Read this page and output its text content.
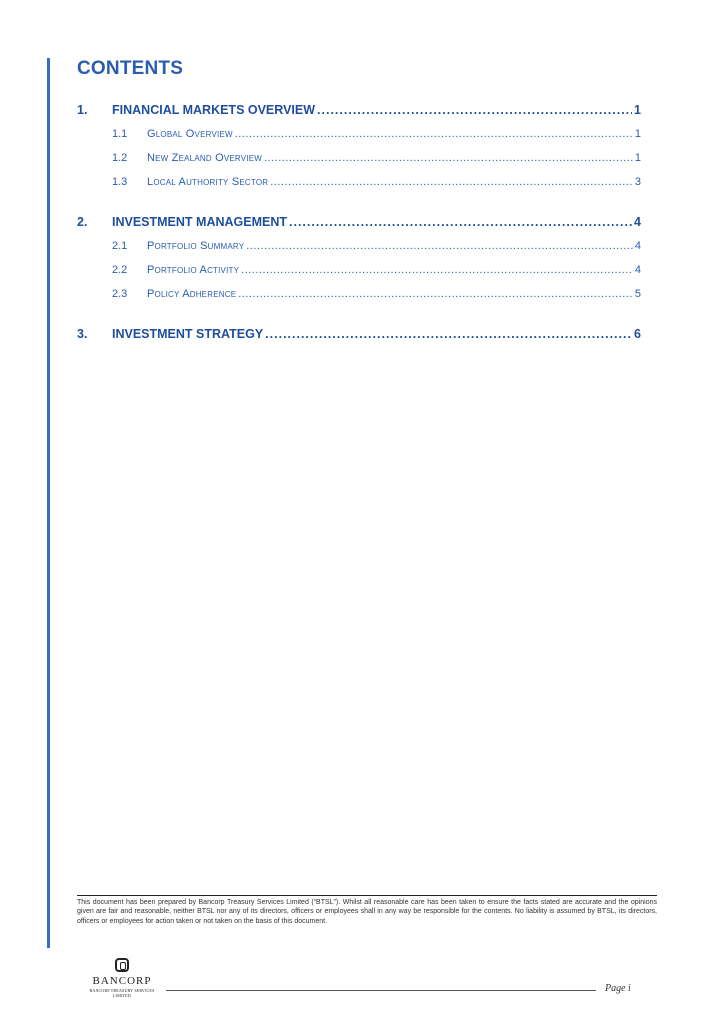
CONTENTS
1.	FINANCIAL MARKETS OVERVIEW .....	1
1.1	Global Overview .....	1
1.2	New Zealand Overview .....	1
1.3	Local Authority Sector .....	3
2.	INVESTMENT MANAGEMENT .....	4
2.1	Portfolio Summary .....	4
2.2	Portfolio Activity .....	4
2.3	Policy Adherence .....	5
3.	INVESTMENT STRATEGY .....	6
This document has been prepared by Bancorp Treasury Services Limited (“BTSL”). Whilst all reasonable care has been taken to ensure the facts stated are accurate and the opinions given are fair and reasonable, neither BTSL nor any of its directors, officers or employees shall in any way be responsible for the contents. No liability is assumed by BTSL, its directors, officers or employees for action taken or not taken on the basis of this document.
BANCORP
BANCORP TREASURY SERVICES LIMITED
Page i
